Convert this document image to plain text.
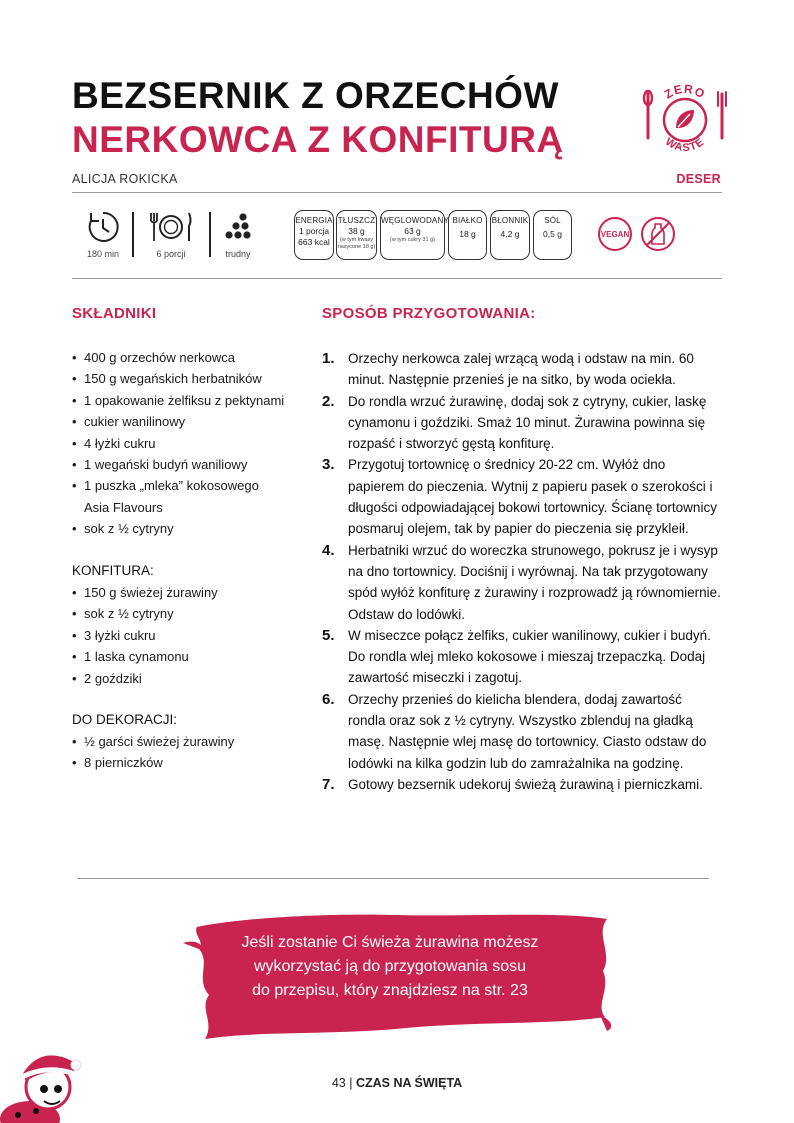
BEZSERNIK Z ORZECHÓW
NERKOWCA Z KONFITURĄ
ZERO
WASTE
ALICJA ROKICKA	DESER
180 min	6 porcji	trudny
ENERGIA
1 porcja
663 kcal
TŁUSZCZ
38 g
(w tym kwasy nasycone 18 g)
WĘGLOWODANY
63 g
(w tym cukry 31 g)
BIAŁKO
18 g
BŁONNIK
4,2 g
SÓL
0,5 g	VEGAN
SKŁADNIKI
• 400 g orzechów nerkowca
• 150 g wegańskich herbatników
• 1 opakowanie żelfiksu z pektynami
• cukier wanilinowy
• 4 łyżki cukru
• 1 wegański budyń waniliowy
• 1 puszka „mleka” kokosowego Asia Flavours
• sok z ½ cytryny
KONFITURA:
• 150 g świeżej żurawiny
• sok z ½ cytryny
• 3 łyżki cukru
• 1 laska cynamonu
• 2 goździki
DO DEKORACJI:
• ½ garści świeżej żurawiny
• 8 pierniczków
SPOSÓB PRZYGOTOWANIA:
1. Orzechy nerkowca zalej wrzącą wodą i odstaw na min. 60 minut. Następnie przenieś je na sitko, by woda ociekła.
2. Do rondla wrzuć żurawinę, dodaj sok z cytryny, cukier, laskę cynamonu i goździki. Smaż 10 minut. Żurawina powinna się rozpaść i stworzyć gęstą konfiturę.
3. Przygotuj tortownicę o średnicy 20-22 cm. Wyłóż dno papierem do pieczenia. Wytnij z papieru pasek o szerokości i długości odpowiadającej bokowi tortownicy. Ścianę tortownicy posmaruj olejem, tak by papier do pieczenia się przykleił.
4. Herbatniki wrzuć do woreczka strunowego, pokrusz je i wysyp na dno tortownicy. Dociśnij i wyrównaj. Na tak przygotowany spód wyłóż konfiturę z żurawiny i rozprowadź ją równomiernie. Odstaw do lodówki.
5. W miseczce połącz żelfiks, cukier wanilinowy, cukier i budyń. Do rondla wlej mleko kokosowe i mieszaj trzepaczką. Dodaj zawartość miseczki i zagotuj.
6. Orzechy przenieś do kielicha blendera, dodaj zawartość rondla oraz sok z ½ cytryny. Wszystko zblenduj na gładką masę. Następnie wlej masę do tortownicy. Ciasto odstaw do lodówki na kilka godzin lub do zamrażalnika na godzinę.
7. Gotowy bezsernik udekoruj świeżą żurawiną i pierniczkami.
Jeśli zostanie Ci świeża żurawina możesz
wykorzystać ją do przygotowania sosu
do przepisu, który znajdziesz na str. 23
43 | CZAS NA ŚWIĘTA
